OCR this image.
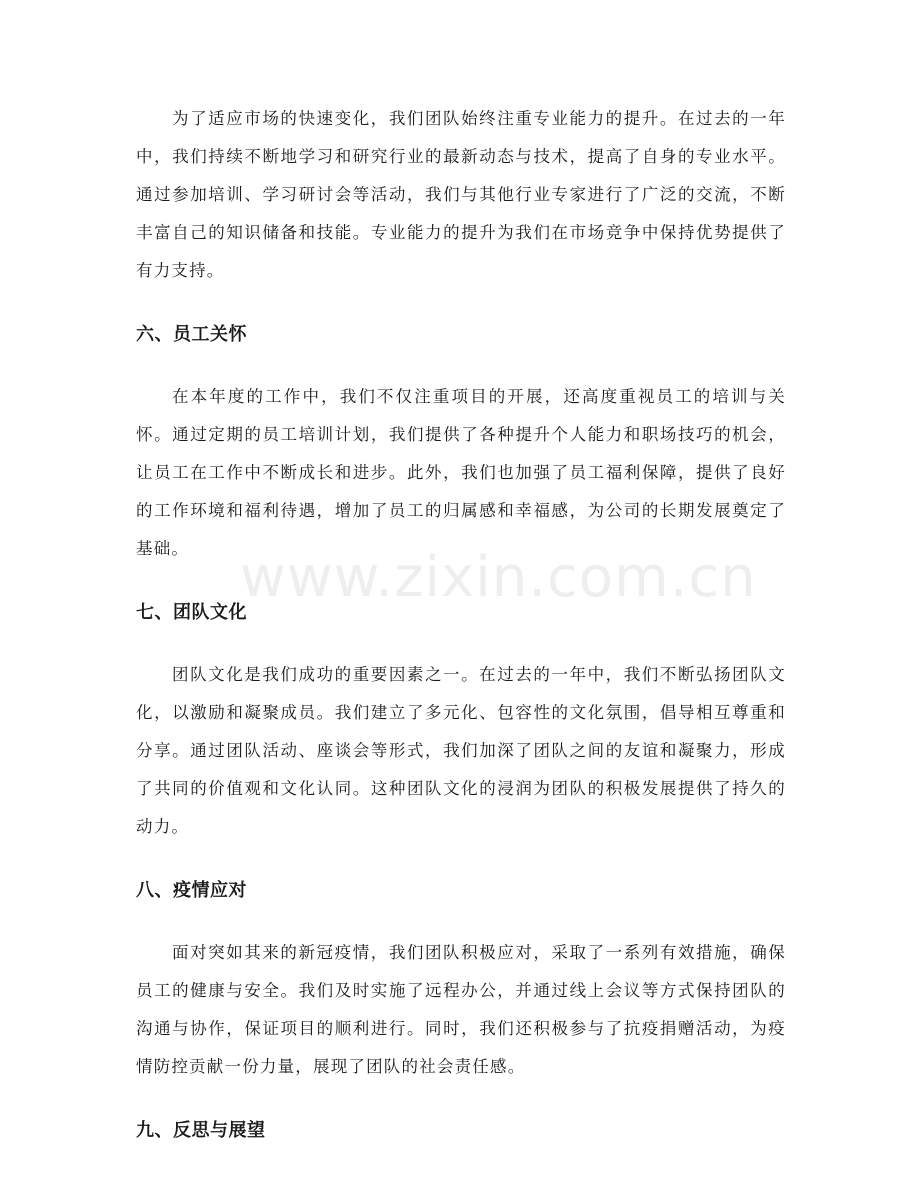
为了适应市场的快速变化，我们团队始终注重专业能力的提升。在过去的一年中，我们持续不断地学习和研究行业的最新动态与技术，提高了自身的专业水平。通过参加培训、学习研讨会等活动，我们与其他行业专家进行了广泛的交流，不断丰富自己的知识储备和技能。专业能力的提升为我们在市场竞争中保持优势提供了有力支持。

六、员工关怀

在本年度的工作中，我们不仅注重项目的开展，还高度重视员工的培训与关怀。通过定期的员工培训计划，我们提供了各种提升个人能力和职场技巧的机会，让员工在工作中不断成长和进步。此外，我们也加强了员工福利保障，提供了良好的工作环境和福利待遇，增加了员工的归属感和幸福感，为公司的长期发展奠定了基础。

七、团队文化

团队文化是我们成功的重要因素之一。在过去的一年中，我们不断弘扬团队文化，以激励和凝聚成员。我们建立了多元化、包容性的文化氛围，倡导相互尊重和分享。通过团队活动、座谈会等形式，我们加深了团队之间的友谊和凝聚力，形成了共同的价值观和文化认同。这种团队文化的浸润为团队的积极发展提供了持久的动力。

八、疫情应对

面对突如其来的新冠疫情，我们团队积极应对，采取了一系列有效措施，确保员工的健康与安全。我们及时实施了远程办公，并通过线上会议等方式保持团队的沟通与协作，保证项目的顺利进行。同时，我们还积极参与了抗疫捐赠活动，为疫情防控贡献一份力量，展现了团队的社会责任感。

九、反思与展望
www.zixin.com.cn
